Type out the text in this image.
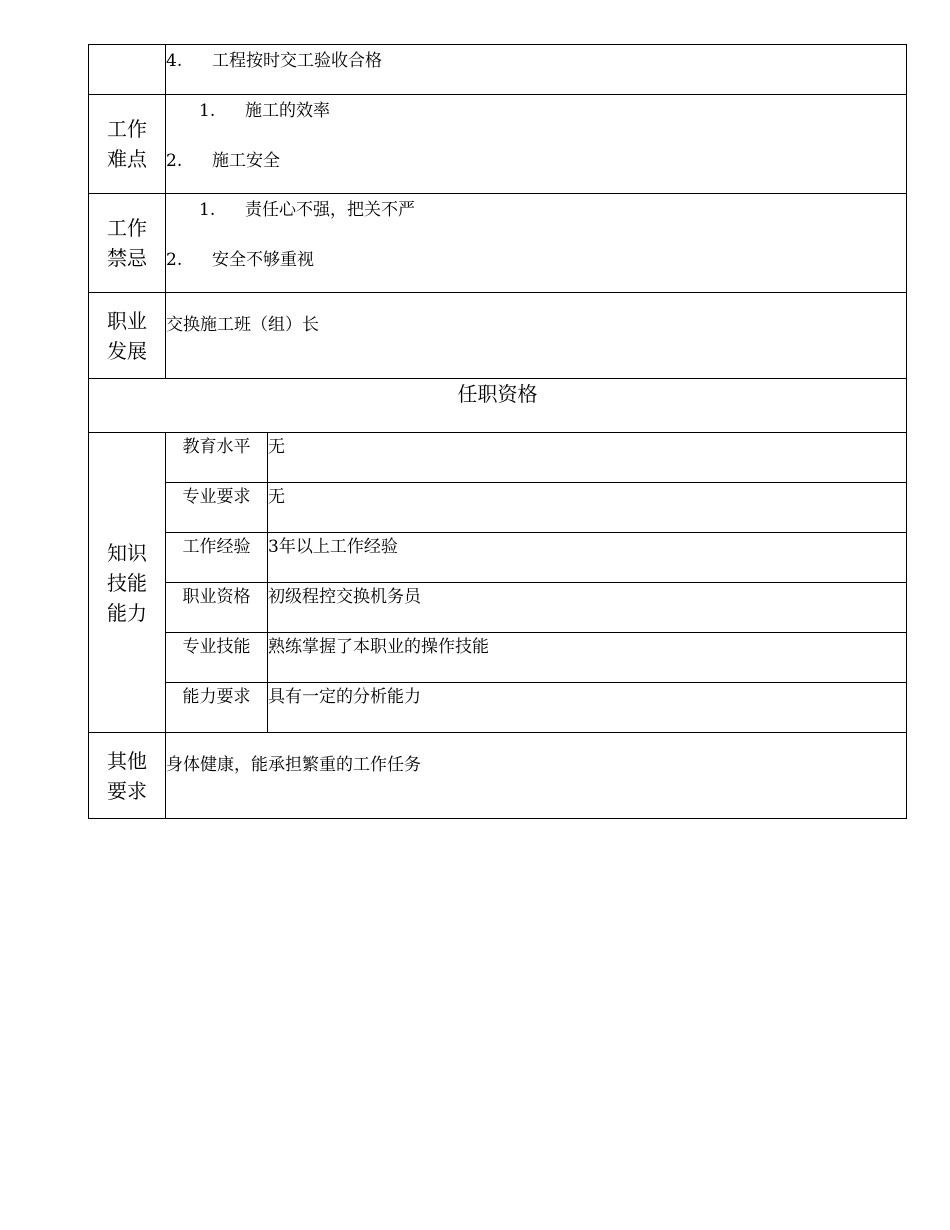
	4. 工程按时交工验收合格	

工作难点	1. 施工的效率
2. 施工安全	

工作禁忌	1. 责任心不强，把关不严
2. 安全不够重视	

职业发展	交换施工班（组）长	

任职资格		
知识技能能力	教育水平	无

	专业要求	无

	工作经验	3年以上工作经验

	职业资格	初级程控交换机务员

	专业技能	熟练掌握了本职业的操作技能

	能力要求	具有一定的分析能力

其他要求	身体健康，能承担繁重的工作任务	
